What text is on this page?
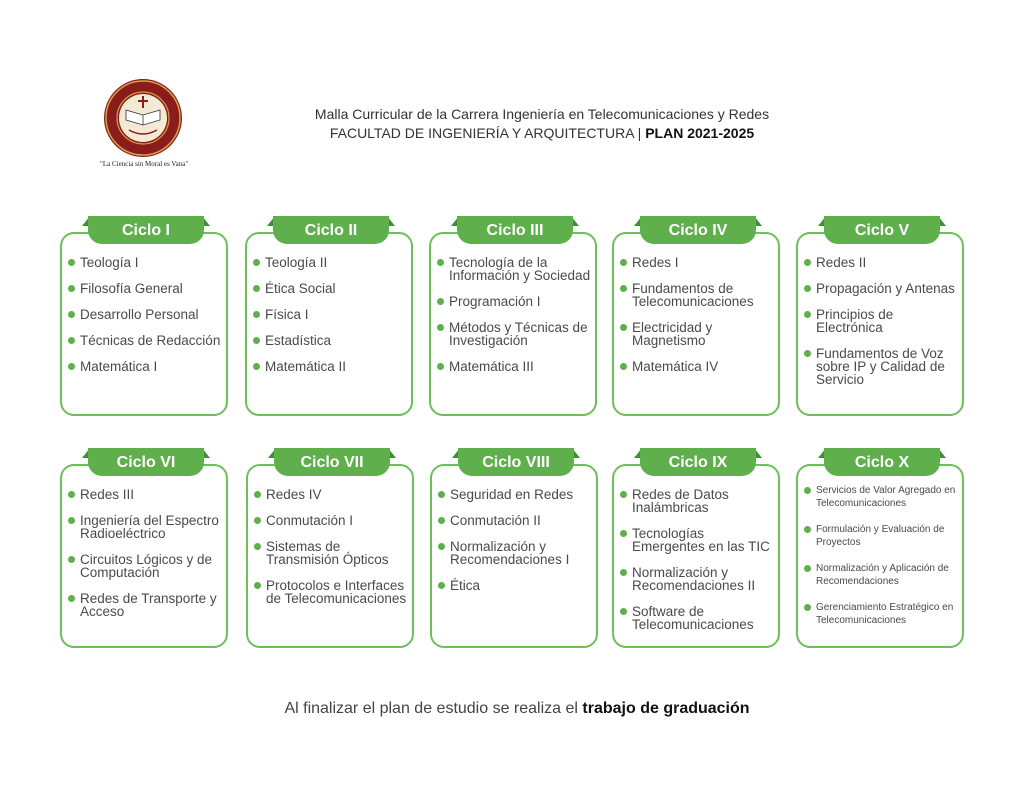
"La Ciencia sin Moral es Vana"
Malla Curricular de la Carrera Ingeniería en Telecomunicaciones y Redes
FACULTAD DE INGENIERÍA Y ARQUITECTURA | PLAN 2021-2025
Ciclo I
Teología I
Filosofía General
Desarrollo Personal
Técnicas de Redacción
Matemática I
Ciclo II
Teología II
Ética Social
Física I
Estadística
Matemática II
Ciclo III
Tecnología de la Información y Sociedad
Programación I
Métodos y Técnicas de Investigación
Matemática III
Ciclo IV
Redes I
Fundamentos de Telecomunicaciones
Electricidad y Magnetismo
Matemática IV
Ciclo V
Redes II
Propagación y Antenas
Principios de Electrónica
Fundamentos de Voz sobre IP y Calidad de Servicio
Ciclo VI
Redes III
Ingeniería del Espectro Radioeléctrico
Circuitos Lógicos y de Computación
Redes de Transporte y Acceso
Ciclo VII
Redes IV
Conmutación I
Sistemas de Transmisión Ópticos
Protocolos e Interfaces de Telecomunicaciones
Ciclo VIII
Seguridad en Redes
Conmutación II
Normalización y Recomendaciones I
Ética
Ciclo IX
Redes de Datos Inalámbricas
Tecnologías Emergentes en las TIC
Normalización y Recomendaciones II
Software de Telecomunicaciones
Ciclo X
Servicios de Valor Agregado en Telecomunicaciones
Formulación y Evaluación de Proyectos
Normalización y Aplicación de Recomendaciones
Gerenciamiento Estratégico en Telecomunicaciones
Al finalizar el plan de estudio se realiza el trabajo de graduación
